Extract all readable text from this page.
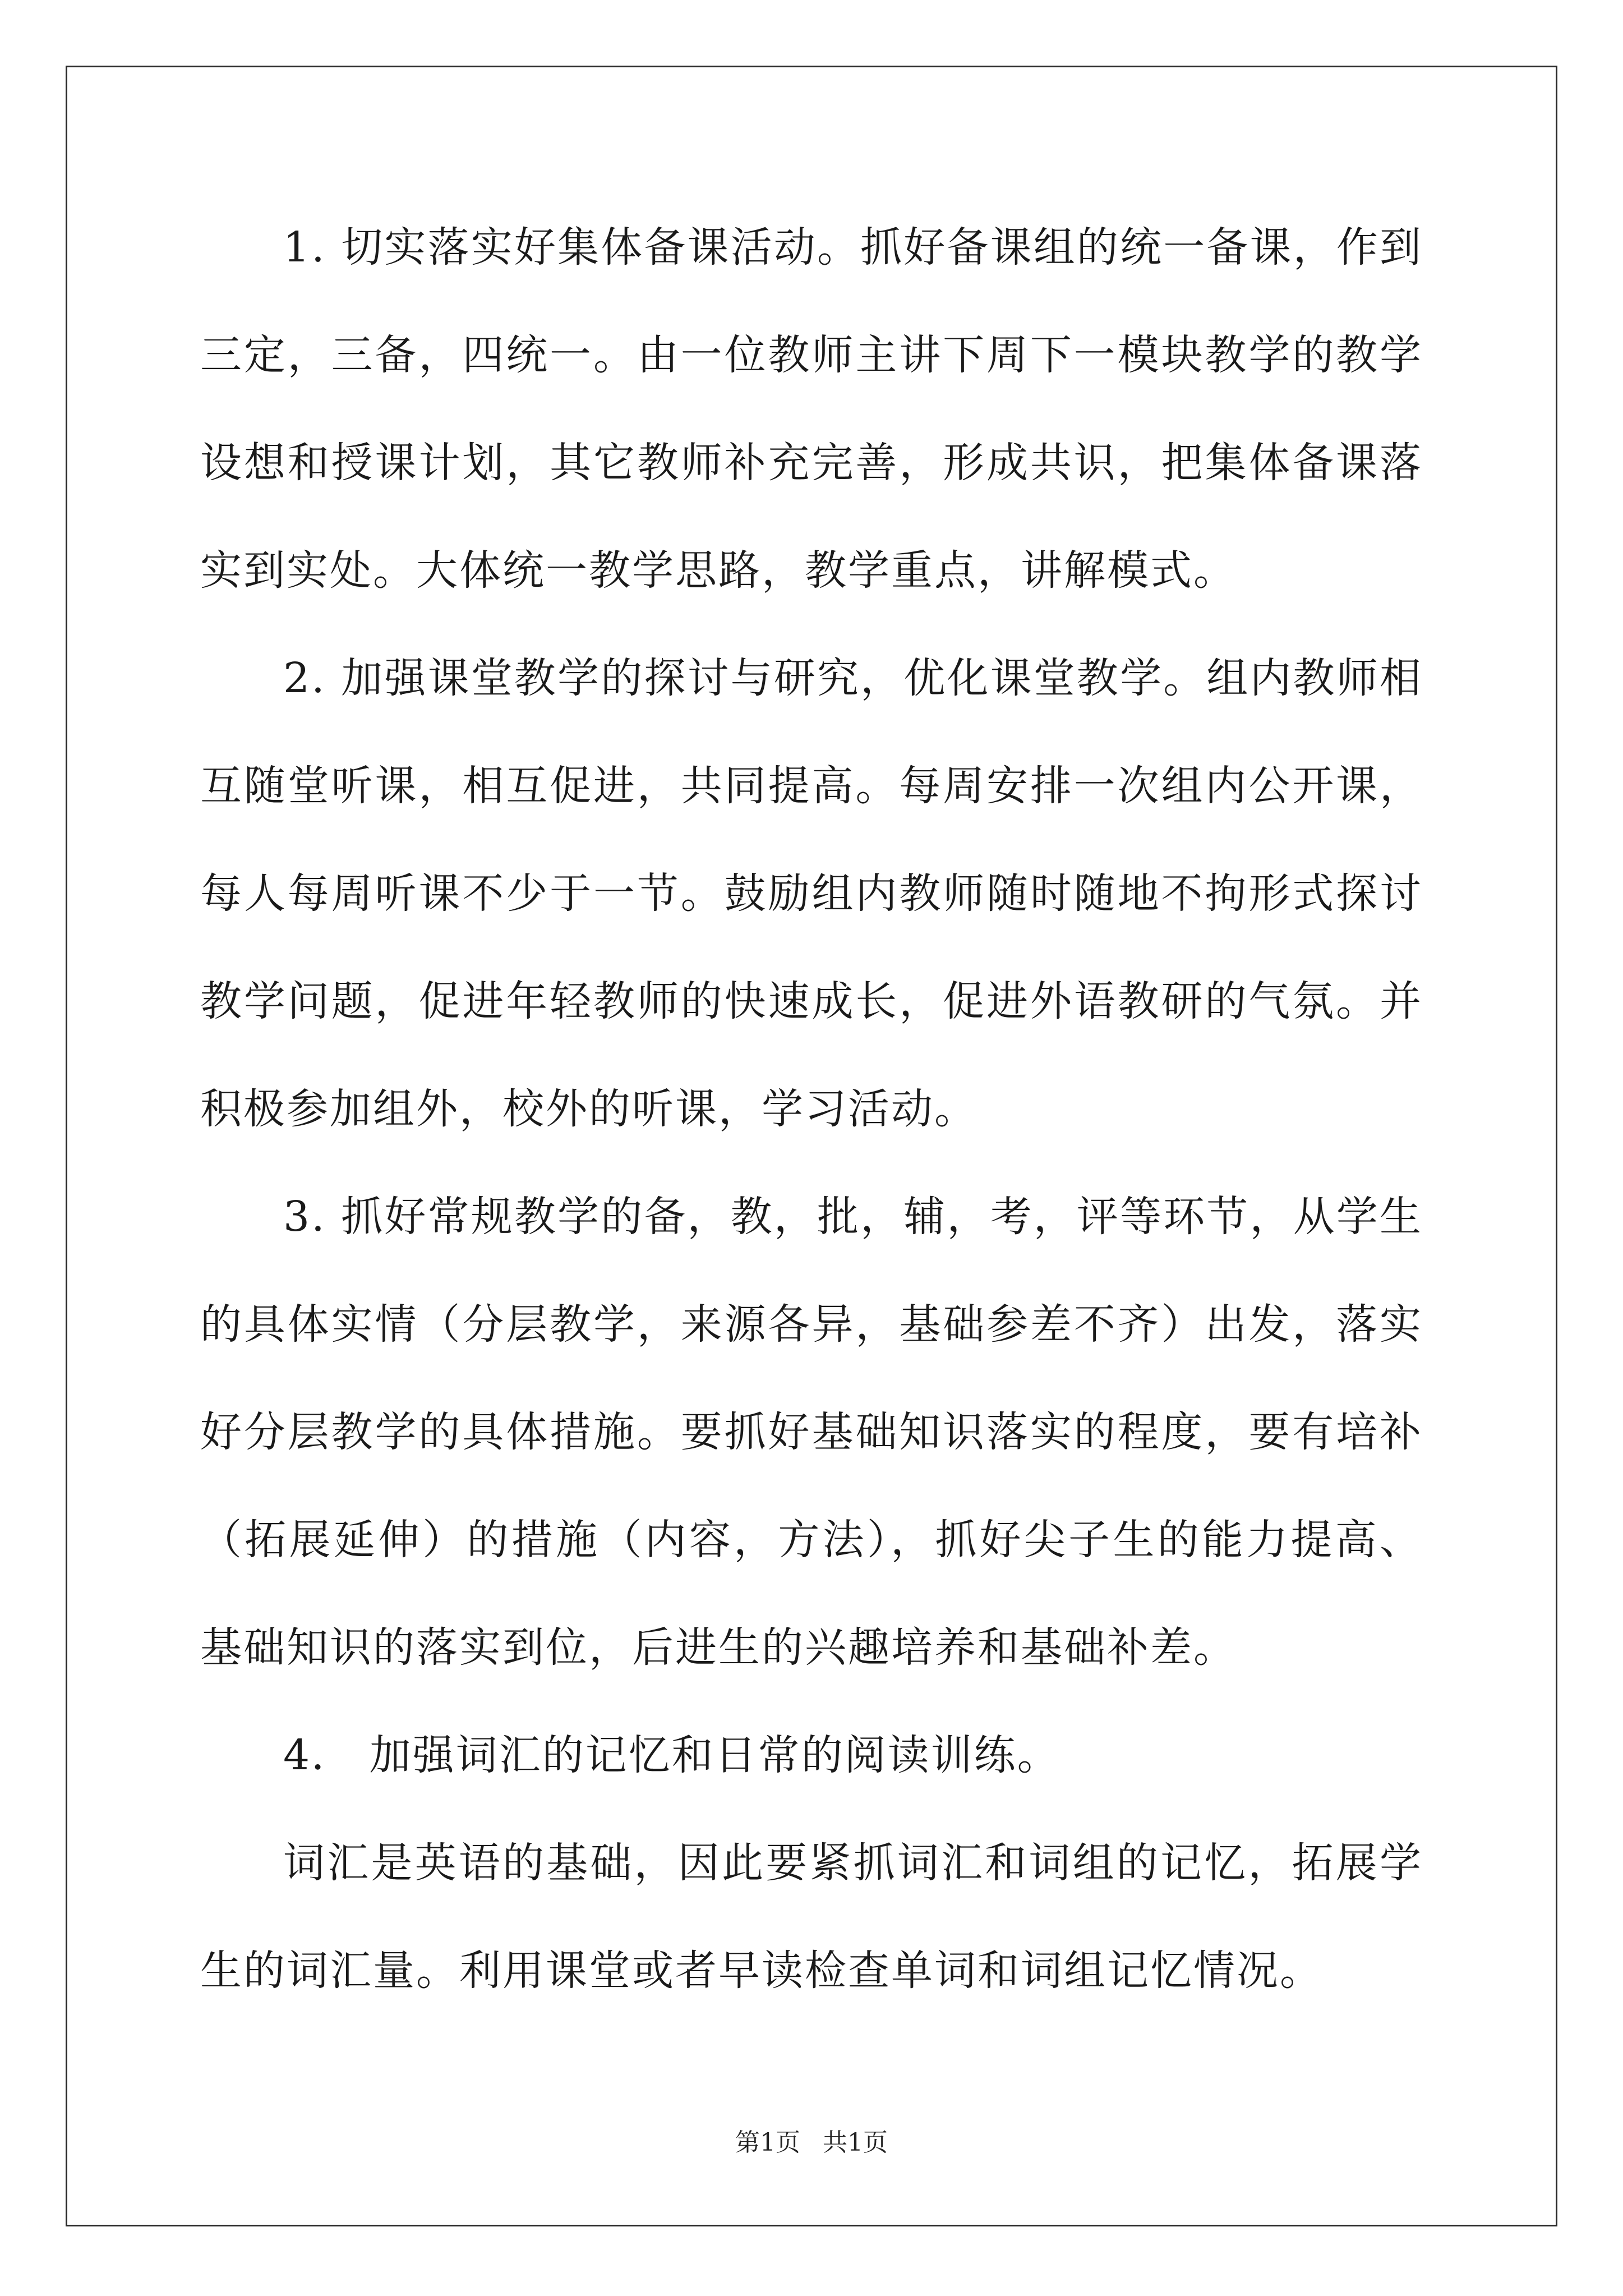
1. 切实落实好集体备课活动。抓好备课组的统一备课，作到三定，三备，四统一。由一位教师主讲下周下一模块教学的教学设想和授课计划，其它教师补充完善，形成共识，把集体备课落实到实处。大体统一教学思路，教学重点，讲解模式。

2. 加强课堂教学的探讨与研究，优化课堂教学。组内教师相互随堂听课，相互促进，共同提高。每周安排一次组内公开课，每人每周听课不少于一节。鼓励组内教师随时随地不拘形式探讨教学问题，促进年轻教师的快速成长，促进外语教研的气氛。并积极参加组外，校外的听课，学习活动。

3. 抓好常规教学的备，教，批，辅，考，评等环节，从学生的具体实情（分层教学，来源各异，基础参差不齐）出发，落实好分层教学的具体措施。要抓好基础知识落实的程度，要有培补（拓展延伸）的措施（内容，方法），抓好尖子生的能力提高、基础知识的落实到位，后进生的兴趣培养和基础补差。

4． 加强词汇的记忆和日常的阅读训练。

词汇是英语的基础，因此要紧抓词汇和词组的记忆，拓展学生的词汇量。利用课堂或者早读检查单词和词组记忆情况。

第1页 共1页
